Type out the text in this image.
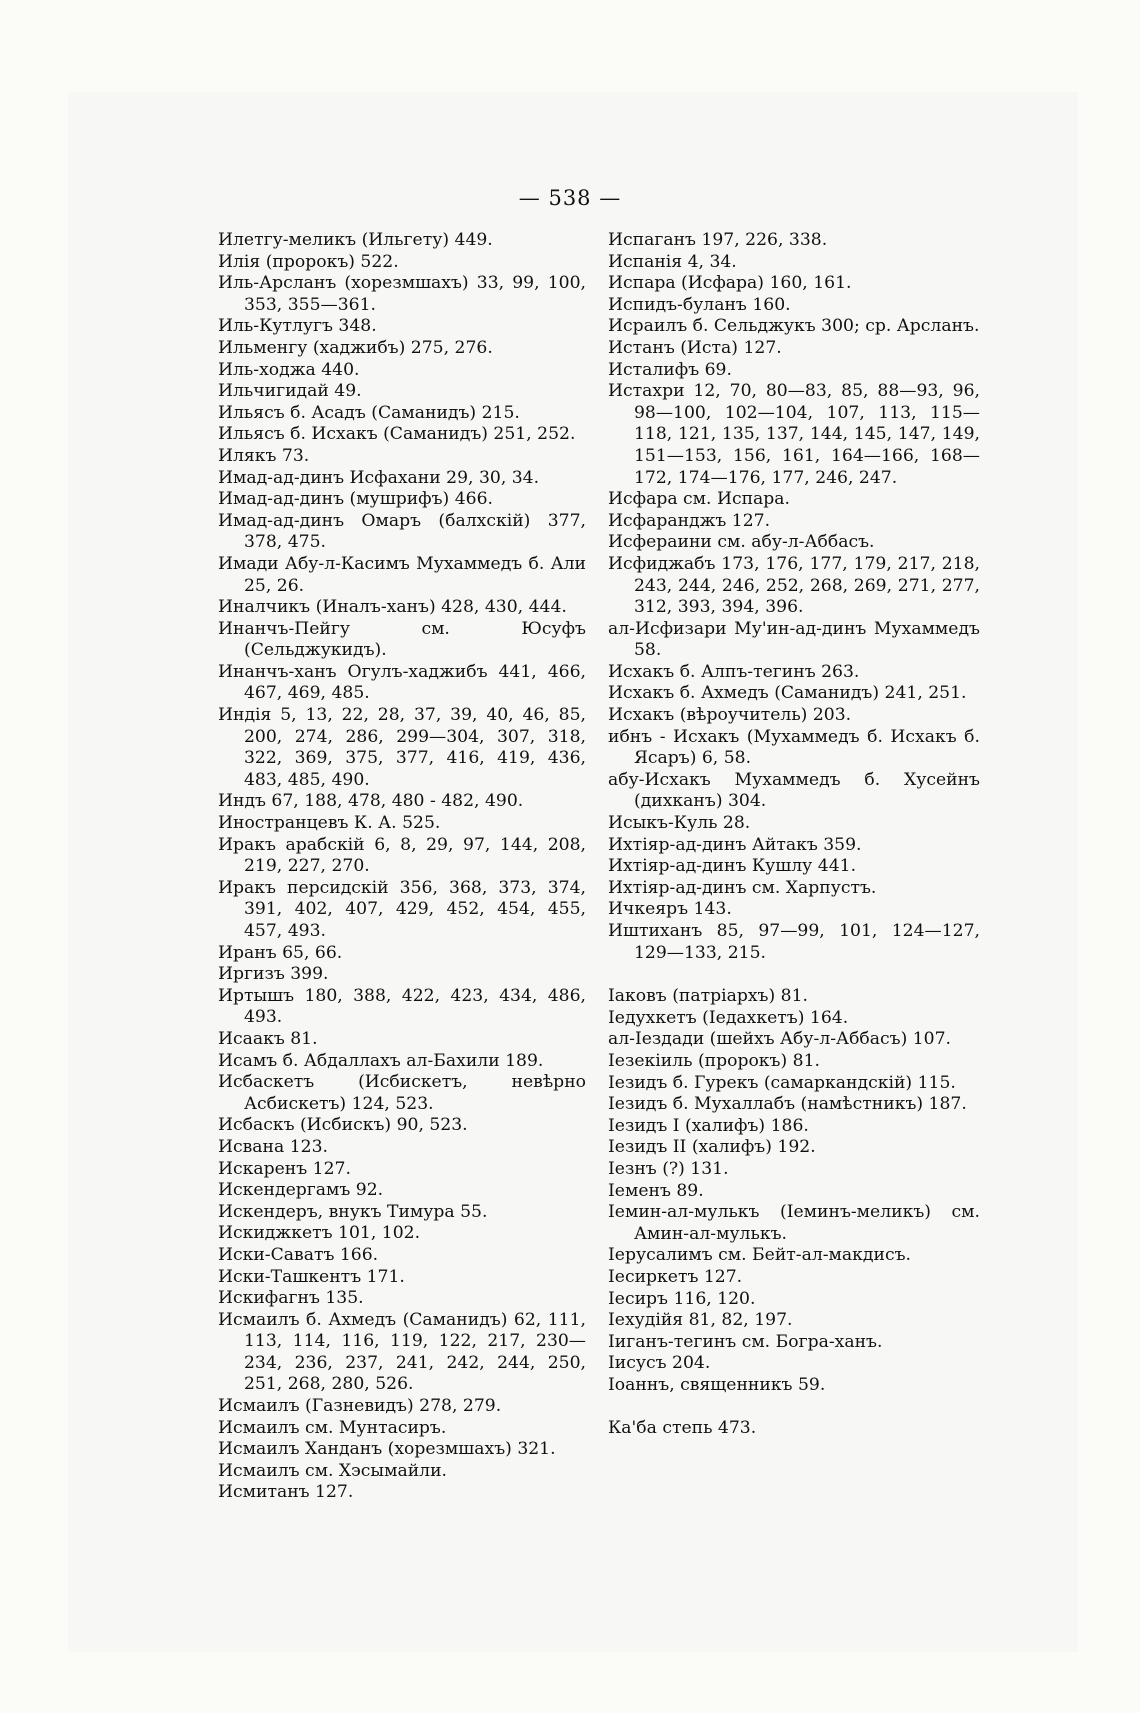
— 538 —

Илетгу-меликъ (Ильгету) 449.

Илія (пророкъ) 522.

Иль-Арсланъ (хорезмшахъ) 33, 99, 100, 353, 355—361.

Иль-Кутлугъ 348.

Ильменгу (хаджибъ) 275, 276.

Иль-ходжа 440.

Ильчигидай 49.

Ильясъ б. Асадъ (Саманидъ) 215.

Ильясъ б. Исхакъ (Саманидъ) 251, 252.

Илякъ 73.

Имад-ад-динъ Исфахани 29, 30, 34.

Имад-ад-динъ (мушрифъ) 466.

Имад-ад-динъ Омаръ (балхскій) 377, 378, 475.

Имади Абу-л-Касимъ Мухаммедъ б. Али 25, 26.

Иналчикъ (Иналъ-ханъ) 428, 430, 444.

Инанчъ-Пейгу см. Юсуфъ (Сельджукидъ).

Инанчъ-ханъ Огулъ-хаджибъ 441, 466, 467, 469, 485.

Индія 5, 13, 22, 28, 37, 39, 40, 46, 85, 200, 274, 286, 299—304, 307, 318, 322, 369, 375, 377, 416, 419, 436, 483, 485, 490.

Индъ 67, 188, 478, 480 - 482, 490.

Иностранцевъ К. А. 525.

Иракъ арабскій 6, 8, 29, 97, 144, 208, 219, 227, 270.

Иракъ персидскій 356, 368, 373, 374, 391, 402, 407, 429, 452, 454, 455, 457, 493.

Иранъ 65, 66.

Иргизъ 399.

Иртышъ 180, 388, 422, 423, 434, 486, 493.

Исаакъ 81.

Исамъ б. Абдаллахъ ал-Бахили 189.

Исбаскетъ (Исбискетъ, невѣрно Асбискетъ) 124, 523.

Исбаскъ (Исбискъ) 90, 523.

Исвана 123.

Искаренъ 127.

Искендергамъ 92.

Искендеръ, внукъ Тимура 55.

Искиджкетъ 101, 102.

Иски-Саватъ 166.

Иски-Ташкентъ 171.

Искифагнъ 135.

Исмаилъ б. Ахмедъ (Саманидъ) 62, 111, 113, 114, 116, 119, 122, 217, 230—234, 236, 237, 241, 242, 244, 250, 251, 268, 280, 526.

Исмаилъ (Газневидъ) 278, 279.

Исмаилъ см. Мунтасиръ.

Исмаилъ Ханданъ (хорезмшахъ) 321.

Исмаилъ см. Хэсымайли.

Исмитанъ 127.

Испаганъ 197, 226, 338.

Испанія 4, 34.

Испара (Исфара) 160, 161.

Испидъ-буланъ 160.

Исраилъ б. Сельджукъ 300; ср. Арсланъ.

Истанъ (Иста) 127.

Исталифъ 69.

Истахри 12, 70, 80—83, 85, 88—93, 96, 98—100, 102—104, 107, 113, 115—118, 121, 135, 137, 144, 145, 147, 149, 151—153, 156, 161, 164—166, 168—172, 174—176, 177, 246, 247.

Исфара см. Испара.

Исфаранджъ 127.

Исфераини см. абу-л-Аббасъ.

Исфиджабъ 173, 176, 177, 179, 217, 218, 243, 244, 246, 252, 268, 269, 271, 277, 312, 393, 394, 396.

ал-Исфизари Му'ин-ад-динъ Мухаммедъ 58.

Исхакъ б. Алпъ-тегинъ 263.

Исхакъ б. Ахмедъ (Саманидъ) 241, 251.

Исхакъ (вѣроучитель) 203.

ибнъ - Исхакъ (Мухаммедъ б. Исхакъ б. Ясаръ) 6, 58.

абу-Исхакъ Мухаммедъ б. Хусейнъ (дихканъ) 304.

Исыкъ-Куль 28.

Ихтіяр-ад-динъ Айтакъ 359.

Ихтіяр-ад-динъ Кушлу 441.

Ихтіяр-ад-динъ см. Харпустъ.

Ичкеяръ 143.

Иштиханъ 85, 97—99, 101, 124—127, 129—133, 215.

Іаковъ (патріархъ) 81.

Іедухкетъ (Іедахкетъ) 164.

ал-Іездади (шейхъ Абу-л-Аббасъ) 107.

Іезекіиль (пророкъ) 81.

Іезидъ б. Гурекъ (самаркандскій) 115.

Іезидъ б. Мухаллабъ (намѣстникъ) 187.

Іезидъ I (халифъ) 186.

Іезидъ II (халифъ) 192.

Іезнъ (?) 131.

Іеменъ 89.

Іемин-ал-мулькъ (Іеминъ-меликъ) см. Амин-ал-мулькъ.

Іерусалимъ см. Бейт-ал-макдисъ.

Іесиркетъ 127.

Іесиръ 116, 120.

Іехудійя 81, 82, 197.

Іиганъ-тегинъ см. Богра-ханъ.

Іисусъ 204.

Іоаннъ, священникъ 59.

Ка'ба степь 473.
